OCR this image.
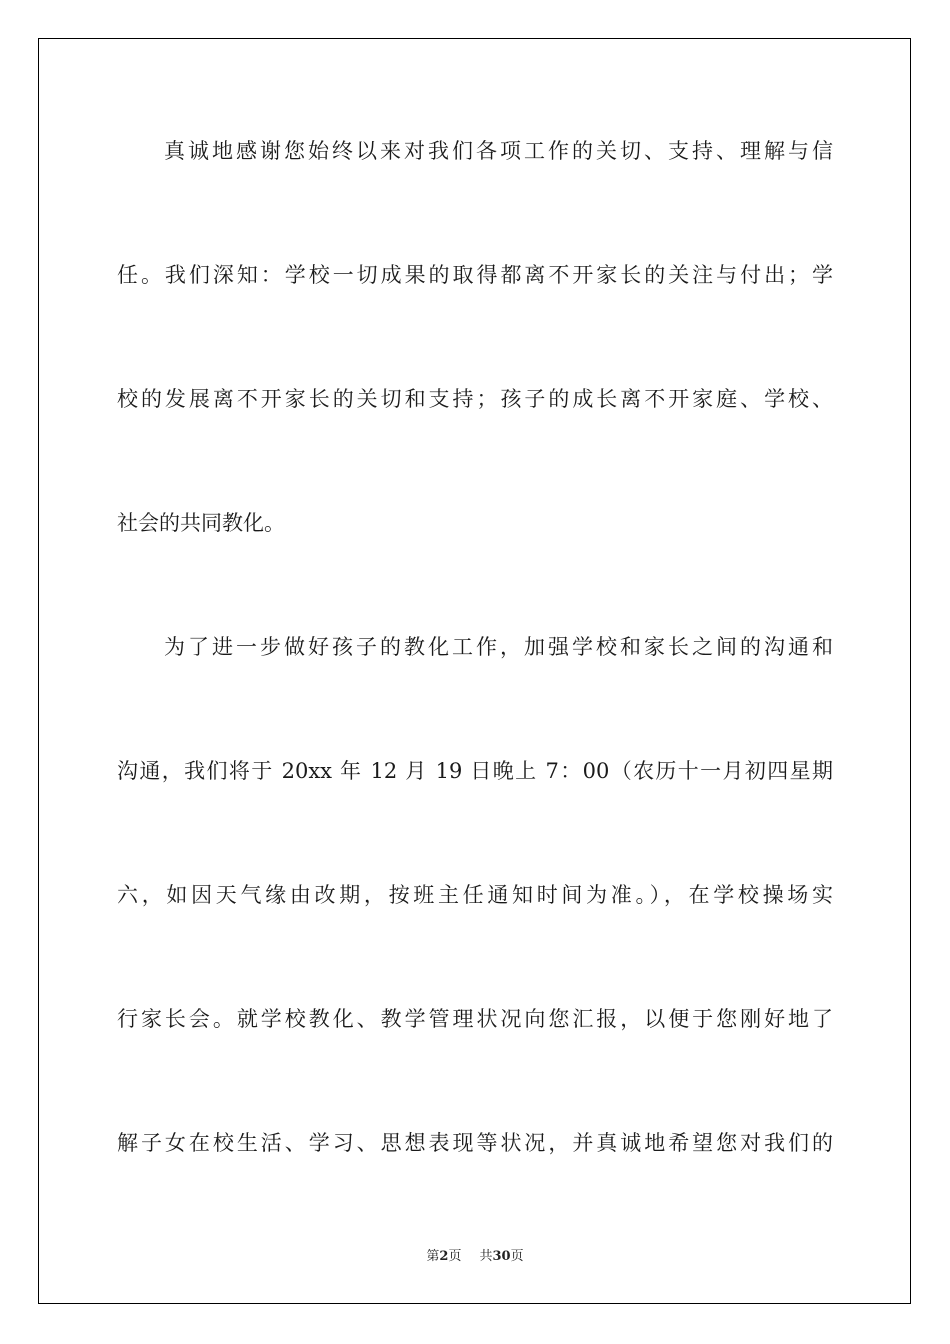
真诚地感谢您始终以来对我们各项工作的关切、支持、理解与信
任。我们深知：学校一切成果的取得都离不开家长的关注与付出；学
校的发展离不开家长的关切和支持；孩子的成长离不开家庭、学校、
社会的共同教化。
为了进一步做好孩子的教化工作，加强学校和家长之间的沟通和
沟通，我们将于 20xx 年 12 月 19 日晚上 7：00（农历十一月初四星期
六，如因天气缘由改期，按班主任通知时间为准。），在学校操场实
行家长会。就学校教化、教学管理状况向您汇报，以便于您刚好地了
解子女在校生活、学习、思想表现等状况，并真诚地希望您对我们的
第2页 共30页
